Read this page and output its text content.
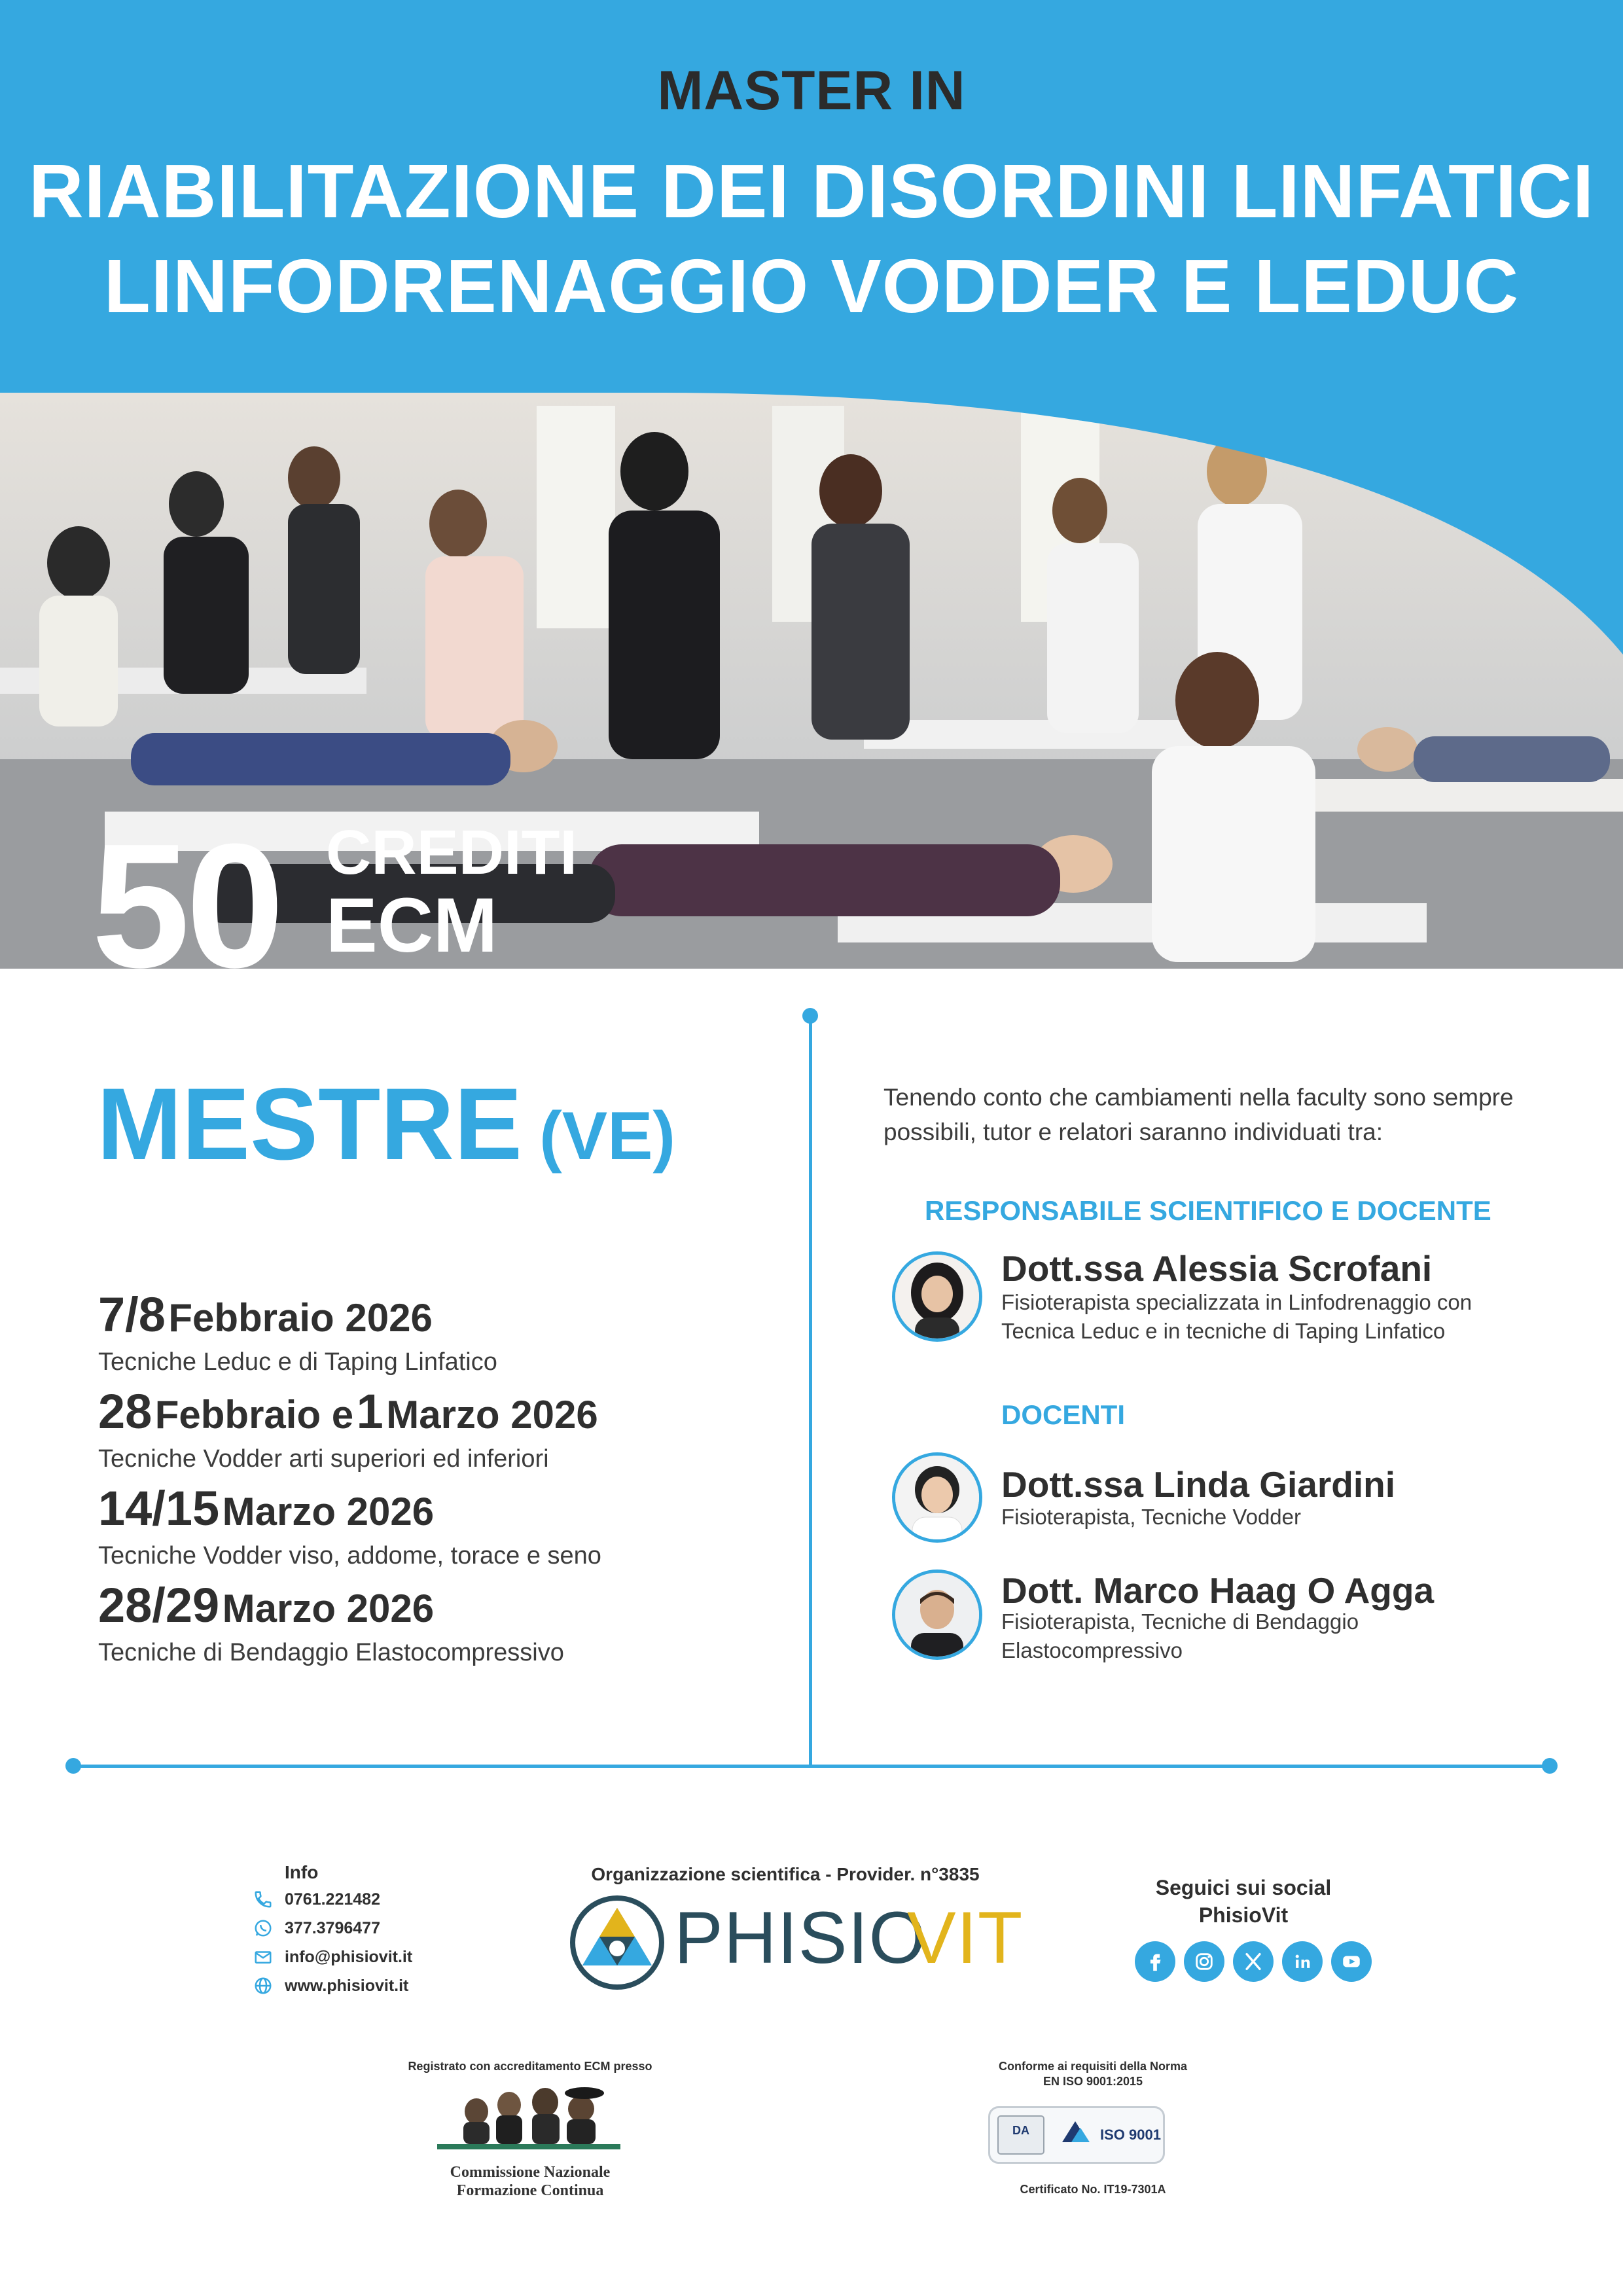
MASTER IN
RIABILITAZIONE DEI DISORDINI LINFATICI
LINFODRENAGGIO VODDER E LEDUC
50 CREDITI
ECM
MESTRE (VE)
7/8 Febbraio 2026
Tecniche Leduc e di Taping Linfatico
28 Febbraio e 1 Marzo 2026
Tecniche Vodder arti superiori ed inferiori
14/15 Marzo 2026
Tecniche Vodder viso, addome, torace e seno
28/29 Marzo 2026
Tecniche di Bendaggio Elastocompressivo
Tenendo conto che cambiamenti nella faculty sono sempre possibili, tutor e relatori saranno individuati tra:
RESPONSABILE SCIENTIFICO E DOCENTE
Dott.ssa Alessia Scrofani
Fisioterapista specializzata in Linfodrenaggio con Tecnica Leduc e in tecniche di Taping Linfatico
DOCENTI
Dott.ssa Linda Giardini
Fisioterapista, Tecniche Vodder
Dott. Marco Haag O Agga
Fisioterapista, Tecniche di Bendaggio Elastocompressivo
Info
0761.221482
377.3796477
info@phisiovit.it
www.phisiovit.it
Organizzazione scientifica - Provider. n°3835
PHISIO
VIT
Seguici sui social
PhisioVit
Registrato con accreditamento ECM presso
Commissione Nazionale
Formazione Continua
Conforme ai requisiti della Norma
EN ISO 9001:2015
DA	ISO 9001
Certificato No. IT19-7301A
